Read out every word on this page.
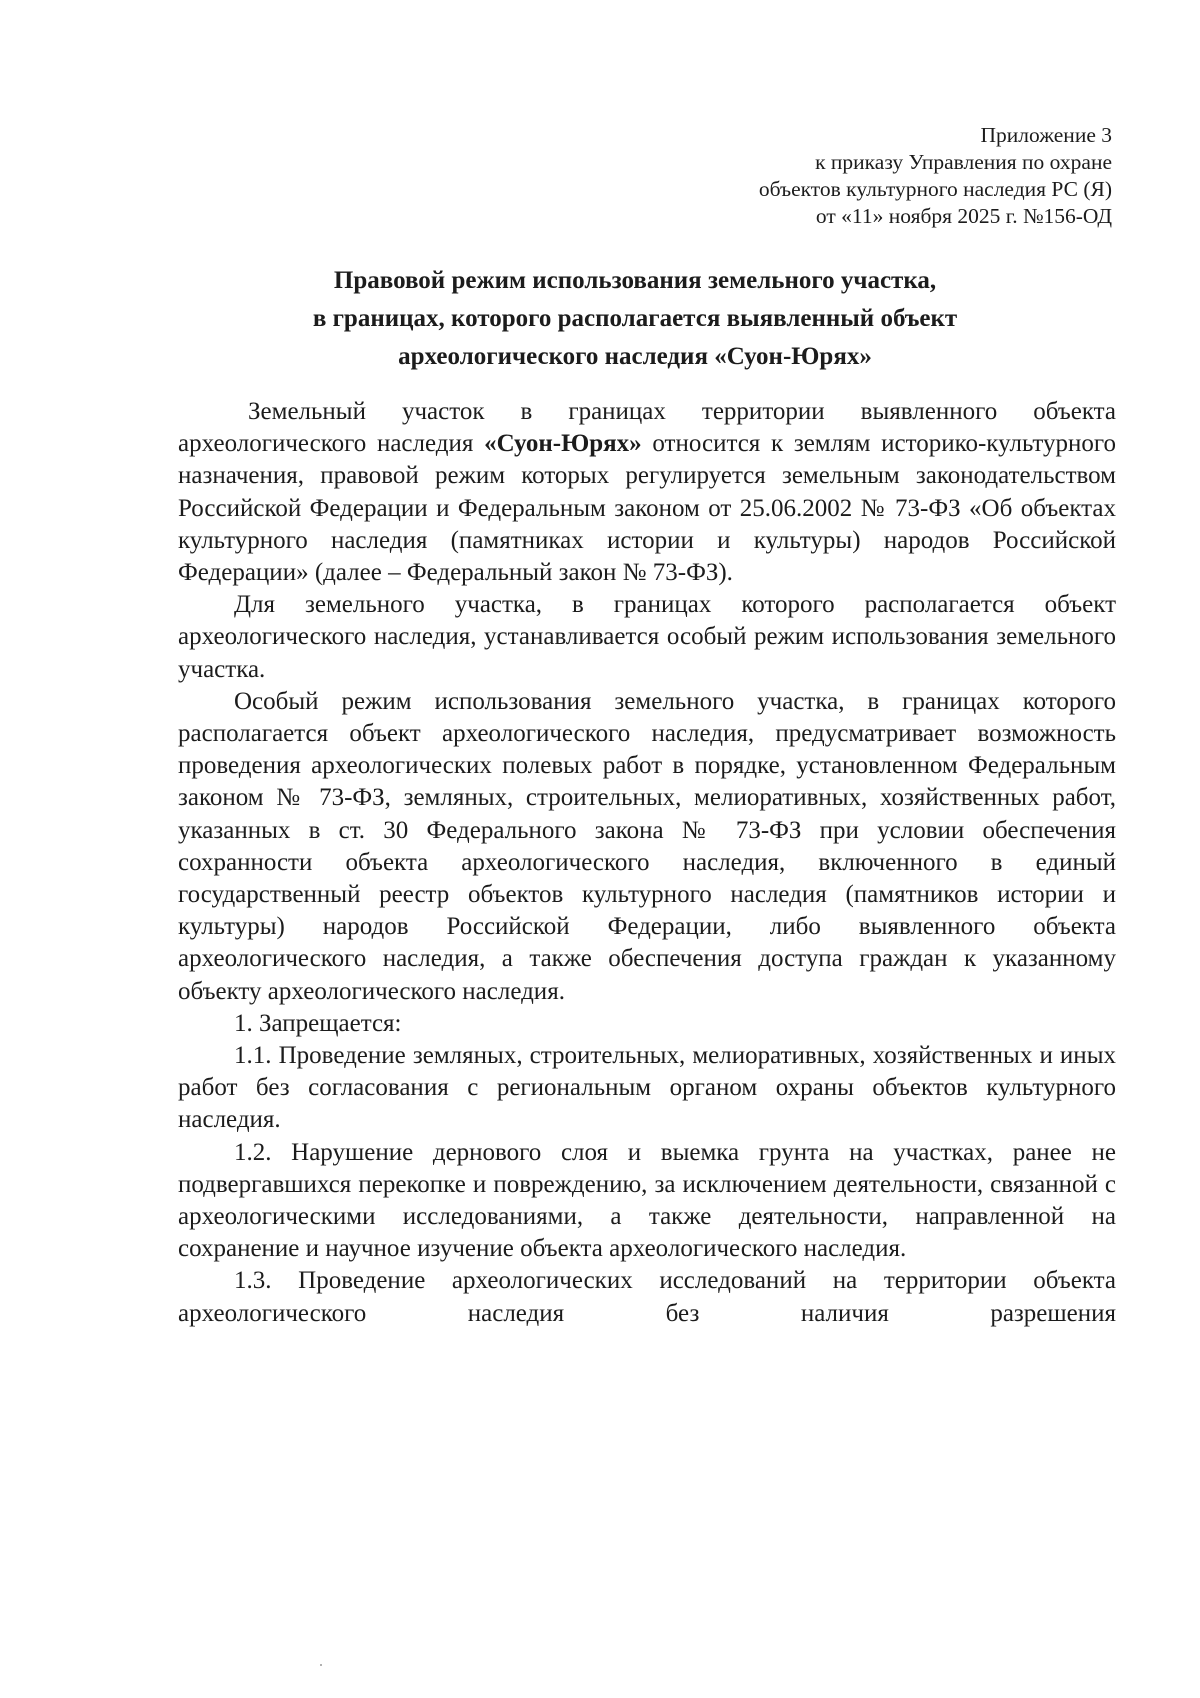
Приложение 3
к приказу Управления по охране
объектов культурного наследия РС (Я)
от «11» ноября 2025 г. №156-ОД
Правовой режим использования земельного участка,
в границах, которого располагается выявленный объект
археологического наследия «Суон-Юрях»

Земельный участок в границах территории выявленного объекта археологического наследия «Суон-Юрях» относится к землям историко-культурного назначения, правовой режим которых регулируется земельным законодательством Российской Федерации и Федеральным законом от 25.06.2002 № 73-ФЗ «Об объектах культурного наследия (памятниках истории и культуры) народов Российской Федерации» (далее – Федеральный закон № 73-ФЗ).

Для земельного участка, в границах которого располагается объект археологического наследия, устанавливается особый режим использования земельного участка.

Особый режим использования земельного участка, в границах которого располагается объект археологического наследия, предусматривает возможность проведения археологических полевых работ в порядке, установленном Федеральным законом № 73-ФЗ, земляных, строительных, мелиоративных, хозяйственных работ, указанных в ст. 30 Федерального закона № 73-ФЗ при условии обеспечения сохранности объекта археологического наследия, включенного в единый государственный реестр объектов культурного наследия (памятников истории и культуры) народов Российской Федерации, либо выявленного объекта археологического наследия, а также обеспечения доступа граждан к указанному объекту археологического наследия.

1. Запрещается:

1.1. Проведение земляных, строительных, мелиоративных, хозяйственных и иных работ без согласования с региональным органом охраны объектов культурного наследия.

1.2. Нарушение дернового слоя и выемка грунта на участках, ранее не подвергавшихся перекопке и повреждению, за исключением деятельности, связанной с археологическими исследованиями, а также деятельности, направленной на сохранение и научное изучение объекта археологического наследия.

1.3. Проведение археологических исследований на территории объекта археологического наследия без наличия разрешения
